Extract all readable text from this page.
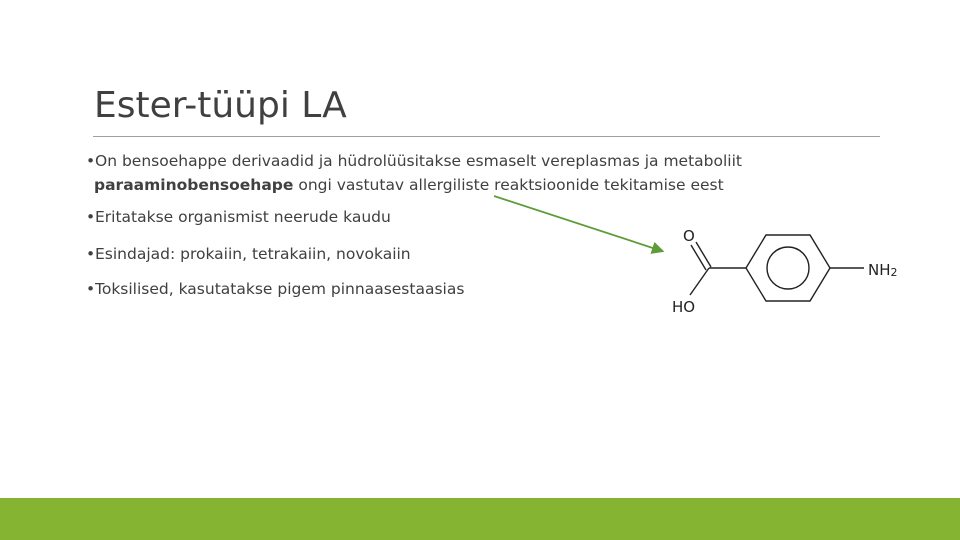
Ester-tüüpi LA
•On bensoehappe derivaadid ja hüdrolüüsitakse esmaselt vereplasmas ja metaboliit
paraaminobensoehape ongi vastutav allergiliste reaktsioonide tekitamise eest
•Eritatakse organismist neerude kaudu
•Esindajad: prokaiin, tetrakaiin, novokaiin
•Toksilised, kasutatakse pigem pinnaasestaasias
O
HO
NH2
